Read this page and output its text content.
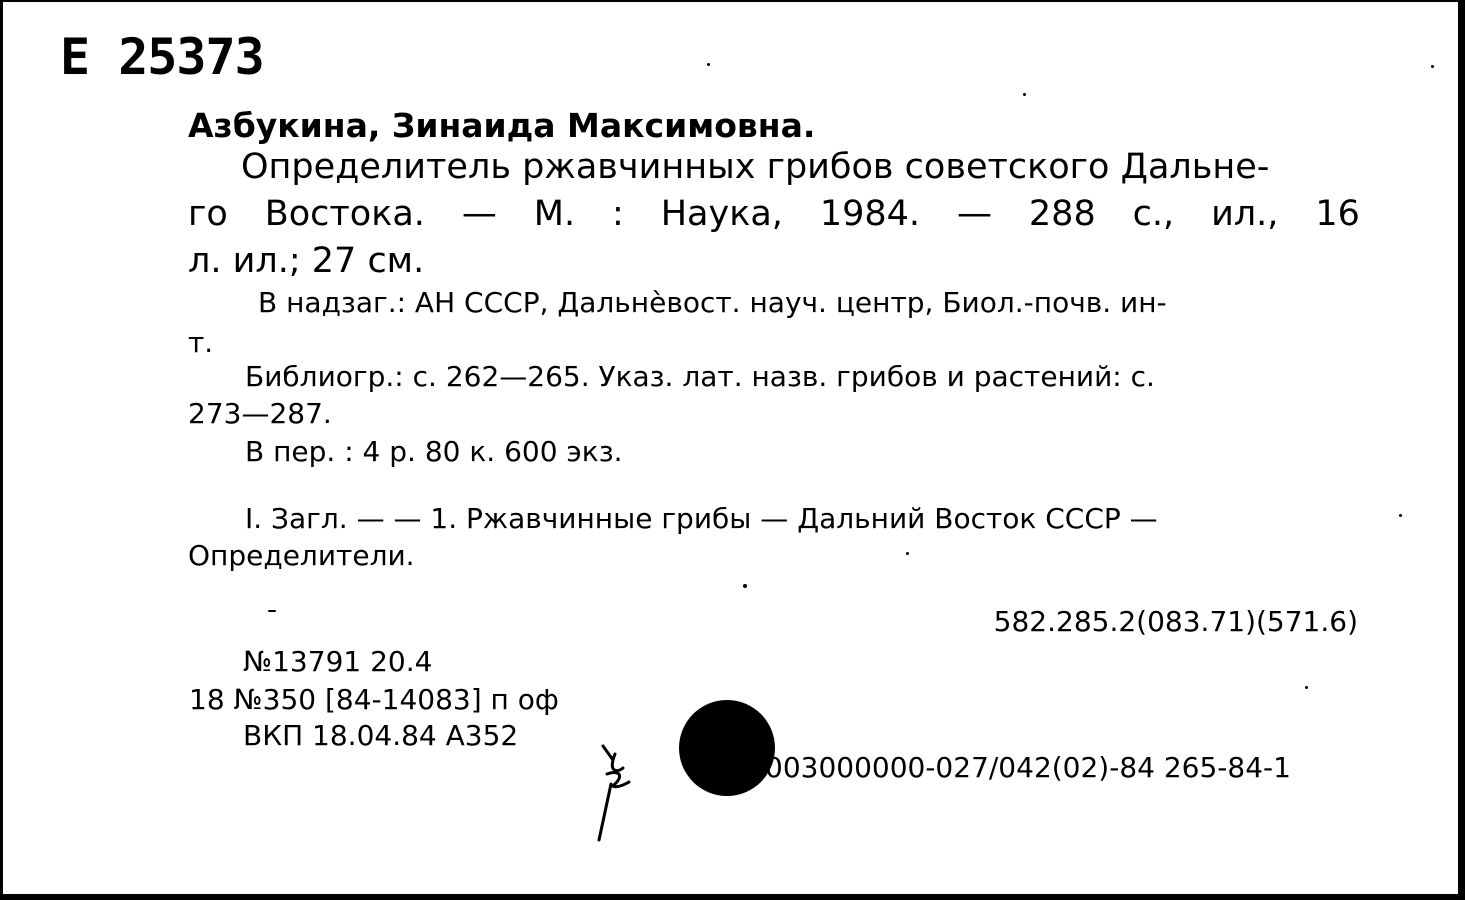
Е 25373
Азбукина, Зинаида Максимовна.
Определитель ржавчинных грибов советского Дальне-
го Востока. — М. : Наука, 1984. — 288 с., ил., 16
л. ил.; 27 см.
В надзаг.: АН СССР, Дальнèвост. науч. центр, Биол.-почв. ин-
т.
Библиогр.: с. 262—265. Указ. лат. назв. грибов и растений: с.
273—287.
В пер. : 4 р. 80 к. 600 экз.
I. Загл. — — 1. Ржавчинные грибы — Дальний Восток СССР —
Определители.
582.285.2(083.71)(571.6)
№13791 20.4
18 №350 [84-14083] п оф
ВКП 18.04.84 А352
003000000-027/042(02)-84 265-84-1
